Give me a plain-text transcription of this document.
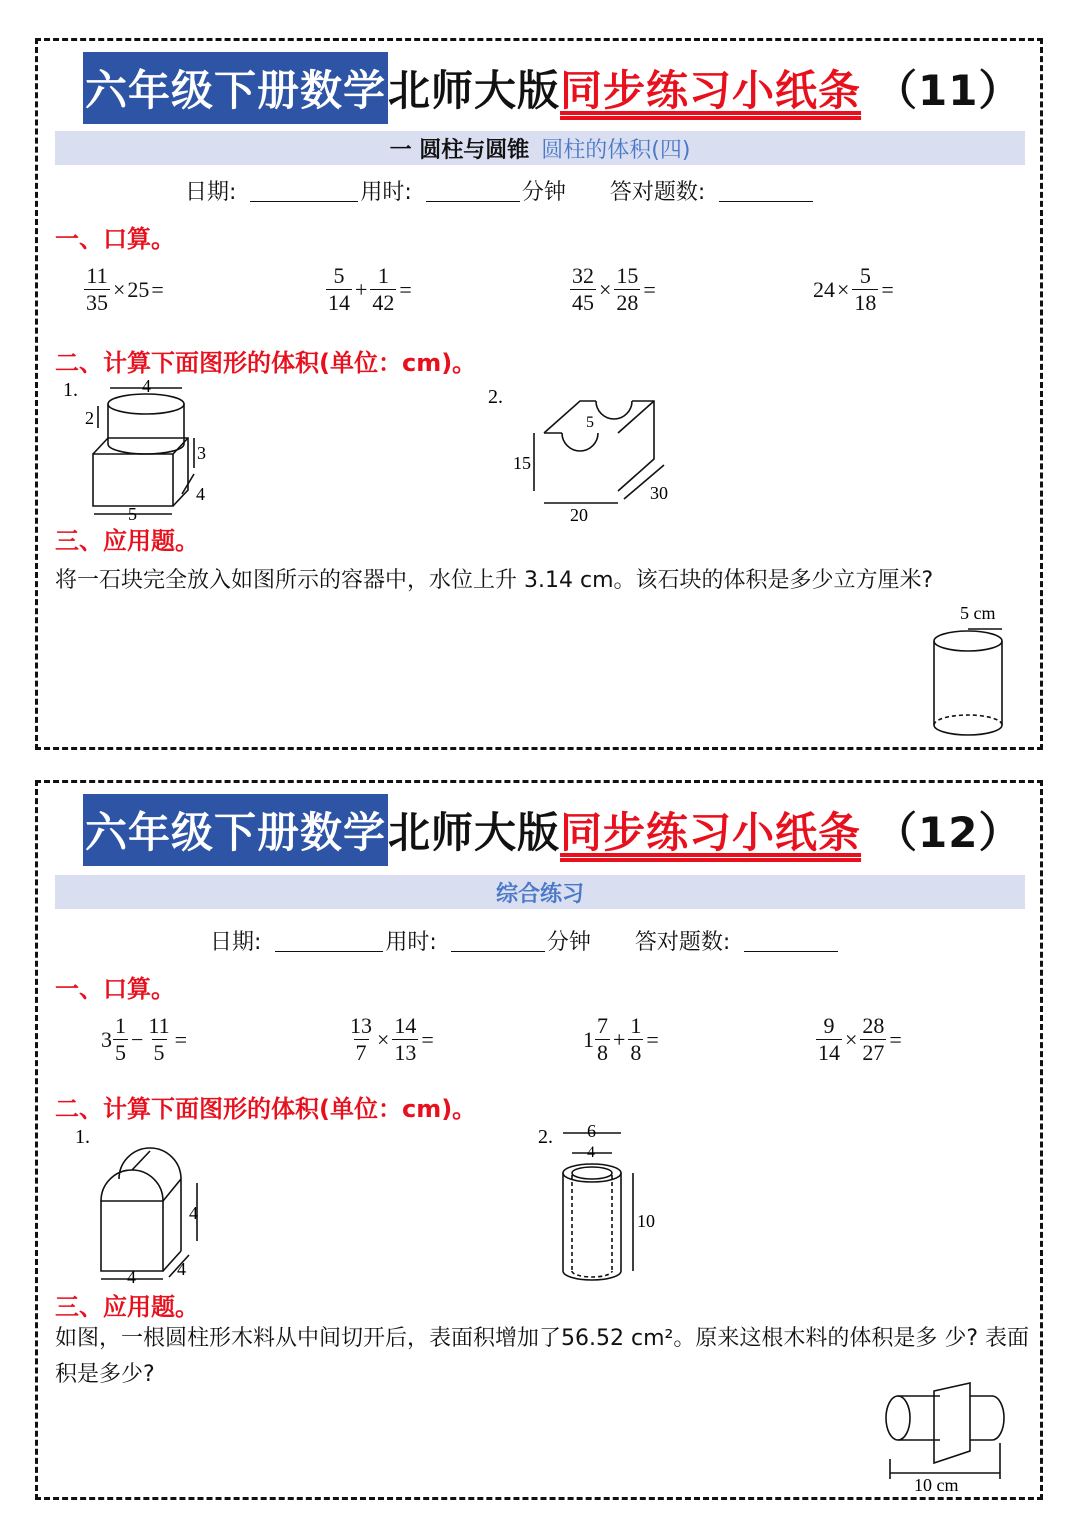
六年级下册数学 北师大版 同步练习小纸条 （11）
一 圆柱与圆锥 圆柱的体积(四)
日期:	用时:	分钟 答对题数:
一、口算。
$\frac{11}{35} \times 25$ =	$\frac{5}{14} + \frac{1}{42}$ =	$\frac{32}{45} \times \frac{15}{28}$ =	$24 \times \frac{5}{18}$ =
二、计算下面图形的体积(单位：cm)。
1.	4
2
3
4
5
2.
5
15
20
30
三、应用题。
将一石块完全放入如图所示的容器中，水位上升 3.14 cm。该石块的体积是多少立方厘米?
5 cm
六年级下册数学 北师大版 同步练习小纸条 （12）
综合练习
日期:	用时:	分钟 答对题数:
一、口算。
$3 \frac{1}{5} - \frac{11}{5}$ =	$\frac{13}{7} \times \frac{14}{13}$ =	$1 \frac{7}{8} + \frac{1}{8}$ =	$\frac{9}{14} \times \frac{28}{27}$ =
二、计算下面图形的体积(单位：cm)。
1.
4
4 4
2. 6
4
10
三、应用题。
如图，一根圆柱形木料从中间切开后，表面积增加了56.52 cm²。原来这根木料的体积是多 少? 表面积是多少?
10 cm
